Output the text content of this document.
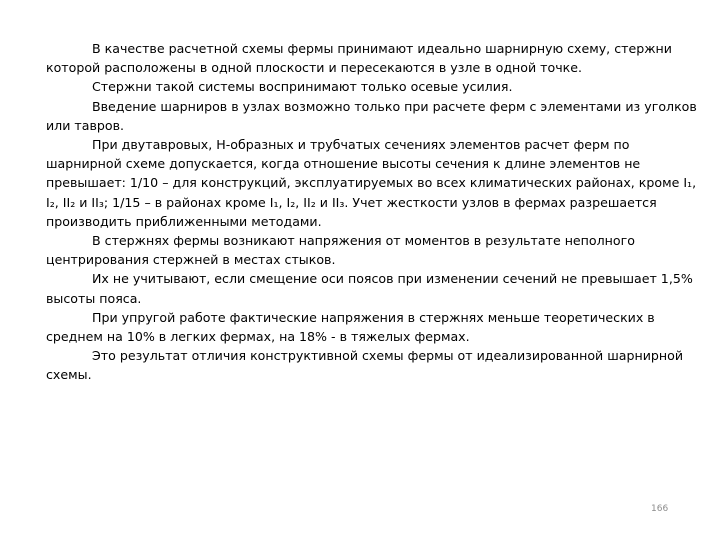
В качестве расчетной схемы фермы принимают идеально шарнирную схему, стержни которой расположены в одной плоскости и пересекаются в узле в одной точке.

Стержни такой системы воспринимают только осевые усилия.

Введение шарниров в узлах возможно только при расчете ферм с элементами из уголков или тавров.

При двутавровых, Н-образных и трубчатых сечениях элементов расчет ферм по шарнирной схеме допускается, когда отношение высоты сечения к длине элементов не превышает: 1/10 – для конструкций, эксплуатируемых во всех климатических районах, кроме I₁, I₂, II₂ и II₃; 1/15 – в районах кроме I₁, I₂, II₂ и II₃. Учет жесткости узлов в фермах разрешается производить приближенными методами.

В стержнях фермы возникают напряжения от моментов в результате неполного центрирования стержней в местах стыков.

Их не учитывают, если смещение оси поясов при изменении сечений не превышает 1,5% высоты пояса.

При упругой работе фактические напряжения в стержнях меньше теоретических в среднем на 10% в легких фермах, на 18% - в тяжелых фермах.

Это результат отличия конструктивной схемы фермы от идеализированной шарнирной схемы.

166
